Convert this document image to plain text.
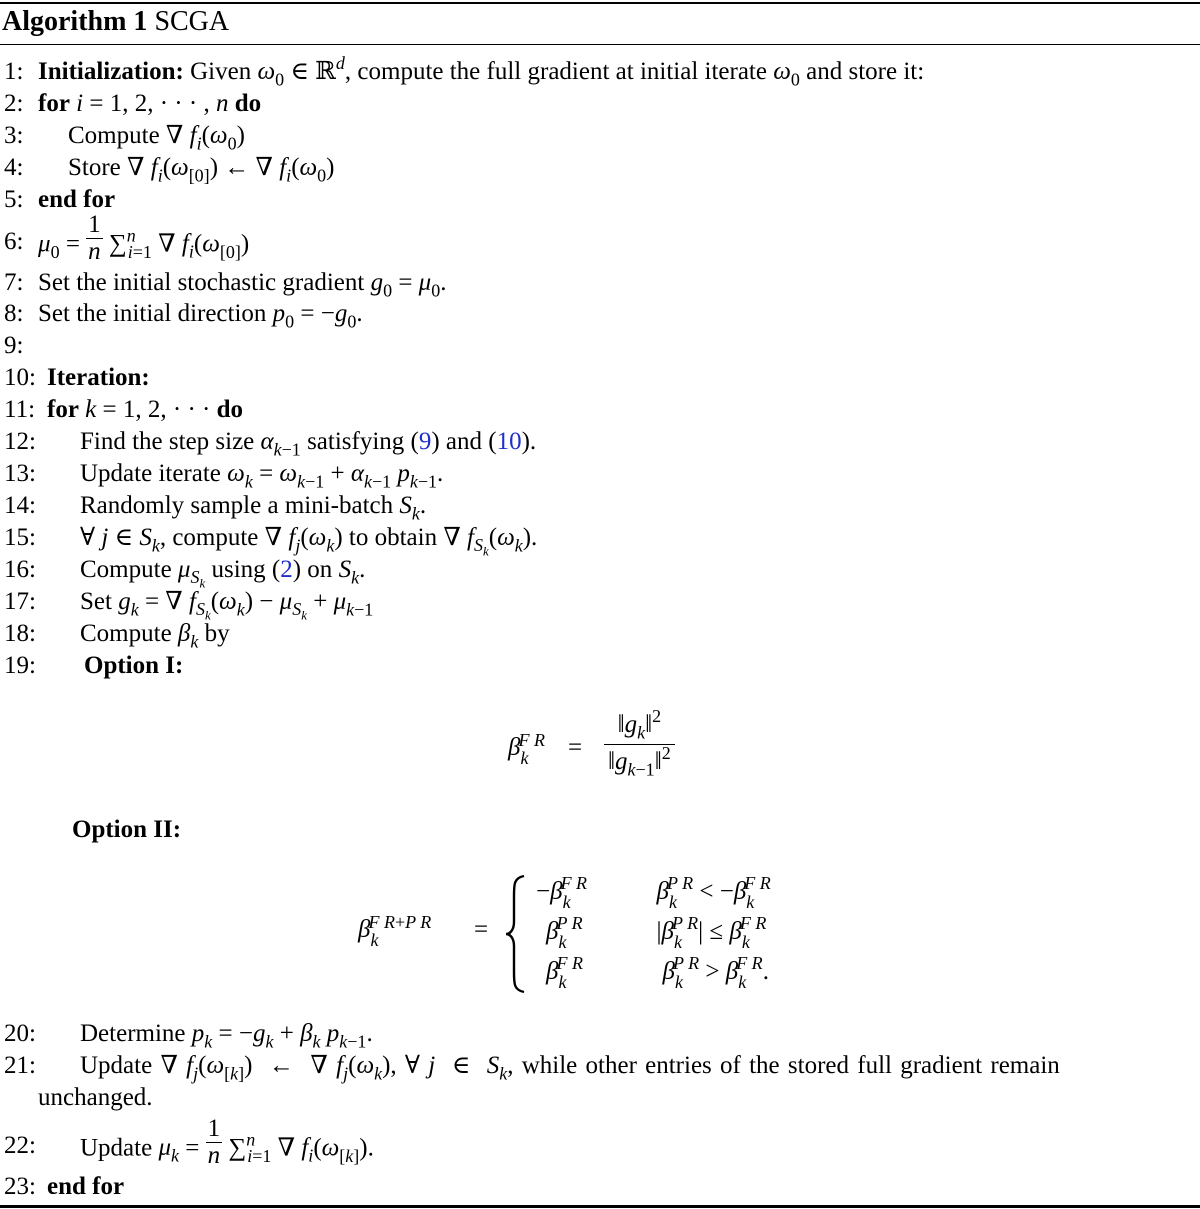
Algorithm 1 SCGA
1: Initialization: Given $\omega_0$ ∈ ℝ$^d$, compute the full gradient at initial iterate $\omega_0$ and store it:
2: for i = 1, 2, · · · , n do
3: Compute ∇ $f_i(\omega_0)$
4: Store ∇ $f_i(\omega_{[0]})$ ← ∇ $f_i(\omega_0)$
5: end for
6: $\mu_0 = \frac{1}{n} \sum^n_{i=1}$ ∇ $f_i(\omega_{[0]})$
7: Set the initial stochastic gradient $g_0 = \mu_0$.
8: Set the initial direction $p_0 = -g_0$.
9:
10: Iteration:
11: for k = 1, 2, · · · do
12: Find the step size $\alpha_{k-1}$ satisfying (9) and (10).
13: Update iterate $\omega_k = \omega_{k-1} + \alpha_{k-1}$ $p_{k-1}$.
14: Randomly sample a mini-batch $S_k$.
15: ∀ j ∈ $S_k$, compute ∇ $f_j(\omega_k)$ to obtain ∇ $f_{S_k}(\omega_k)$.
16: Compute $\mu_{S_k}$ using (2) on $S_k$.
17: Set $g_k$ = ∇ $f_{S_k}(\omega_k) - \mu_{S_k} + \mu_{k-1}$
18: Compute $\beta_k$ by
19: Option I:
$\beta_k^{F R} = \frac{‖g_k‖^2}{‖g_{k-1}‖^2}$
Option II:
$\beta_k^{F R+P R}$ =
$-\beta_k^{F R}$	$\beta_k^{P R} < -\beta_k^{F R}$
$\beta_k^{P R}$ $|\beta_k^{P R}| \le \beta_k^{F R}$
$\beta_k^{F R}$	$\beta_k^{P R} > \beta_k^{F R}$.
20: Determine $p_k = -g_k + \beta_k$ $p_{k-1}$.
21: Update ∇ $f_j(\omega_{[k]})$  ←  ∇ $f_j(\omega_k)$, ∀ j  ∈  $S_k$, while other entries of the stored full gradient remain
unchanged.
22: Update $\mu_k = \frac{1}{n} \sum^n_{i=1}$ ∇ $f_i(\omega_{[k]})$.
23: end for
